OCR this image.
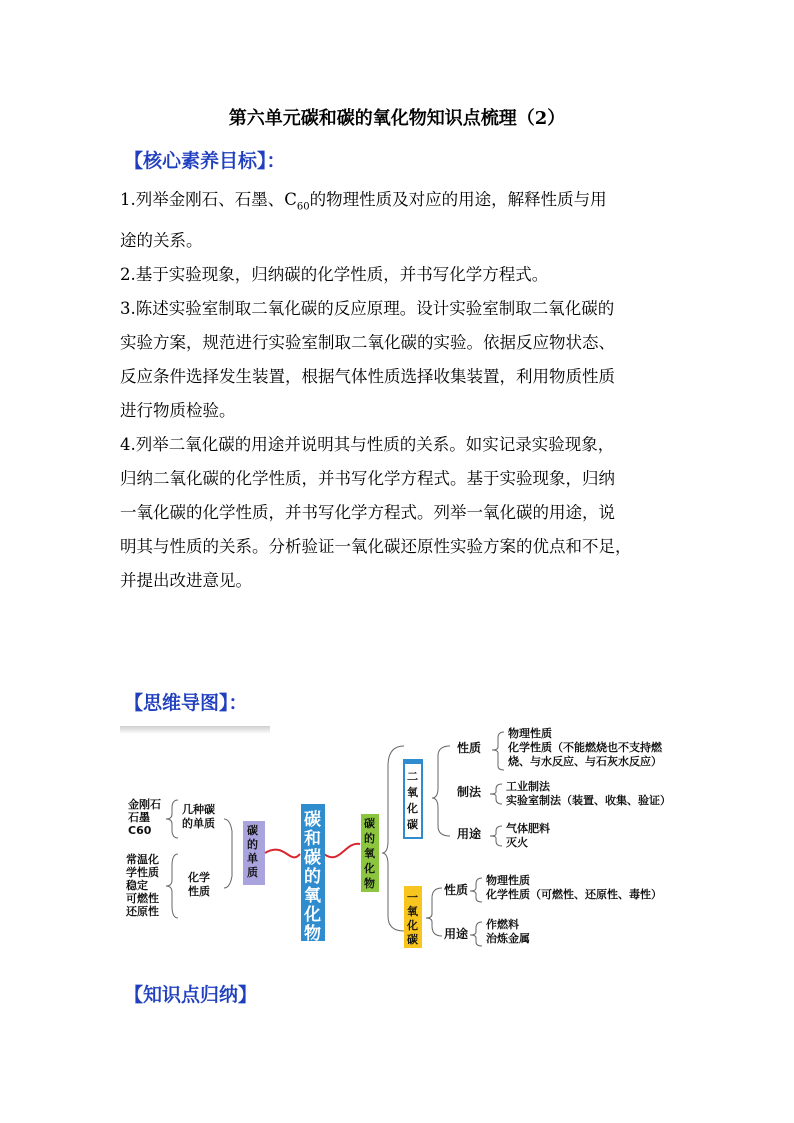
第六单元碳和碳的氧化物知识点梳理（2）
【核心素养目标】：

1.列举金刚石、石墨、$C_{60}$的物理性质及对应的用途，解释性质与用

途的关系。

2.基于实验现象，归纳碳的化学性质，并书写化学方程式。

3.陈述实验室制取二氧化碳的反应原理。设计实验室制取二氧化碳的

实验方案，规范进行实验室制取二氧化碳的实验。依据反应物状态、

反应条件选择发生装置，根据气体性质选择收集装置，利用物质性质

进行物质检验。

4.列举二氧化碳的用途并说明其与性质的关系。如实记录实验现象，

归纳二氧化碳的化学性质，并书写化学方程式。基于实验现象，归纳

一氧化碳的化学性质，并书写化学方程式。列举一氧化碳的用途，说

明其与性质的关系。分析验证一氧化碳还原性实验方案的优点和不足，

并提出改进意见。

【思维导图】：
金刚石
石墨
C60
常温化
学性质
稳定
可燃性
还原性
几种碳
的单质
化学
性质
碳
的
单
质
碳
和
碳
的
氧
化
物
碳
的
氧
化
物
二
氧
化
碳
一
氧
化
碳
性质
制法
用途
物理性质
化学性质（不能燃烧也不支持燃
烧、与水反应、与石灰水反应）
工业制法
实验室制法（装置、收集、验证）
气体肥料
灭火
性质
用途
物理性质
化学性质（可燃性、还原性、毒性）
作燃料
治炼金属
【知识点归纳】
